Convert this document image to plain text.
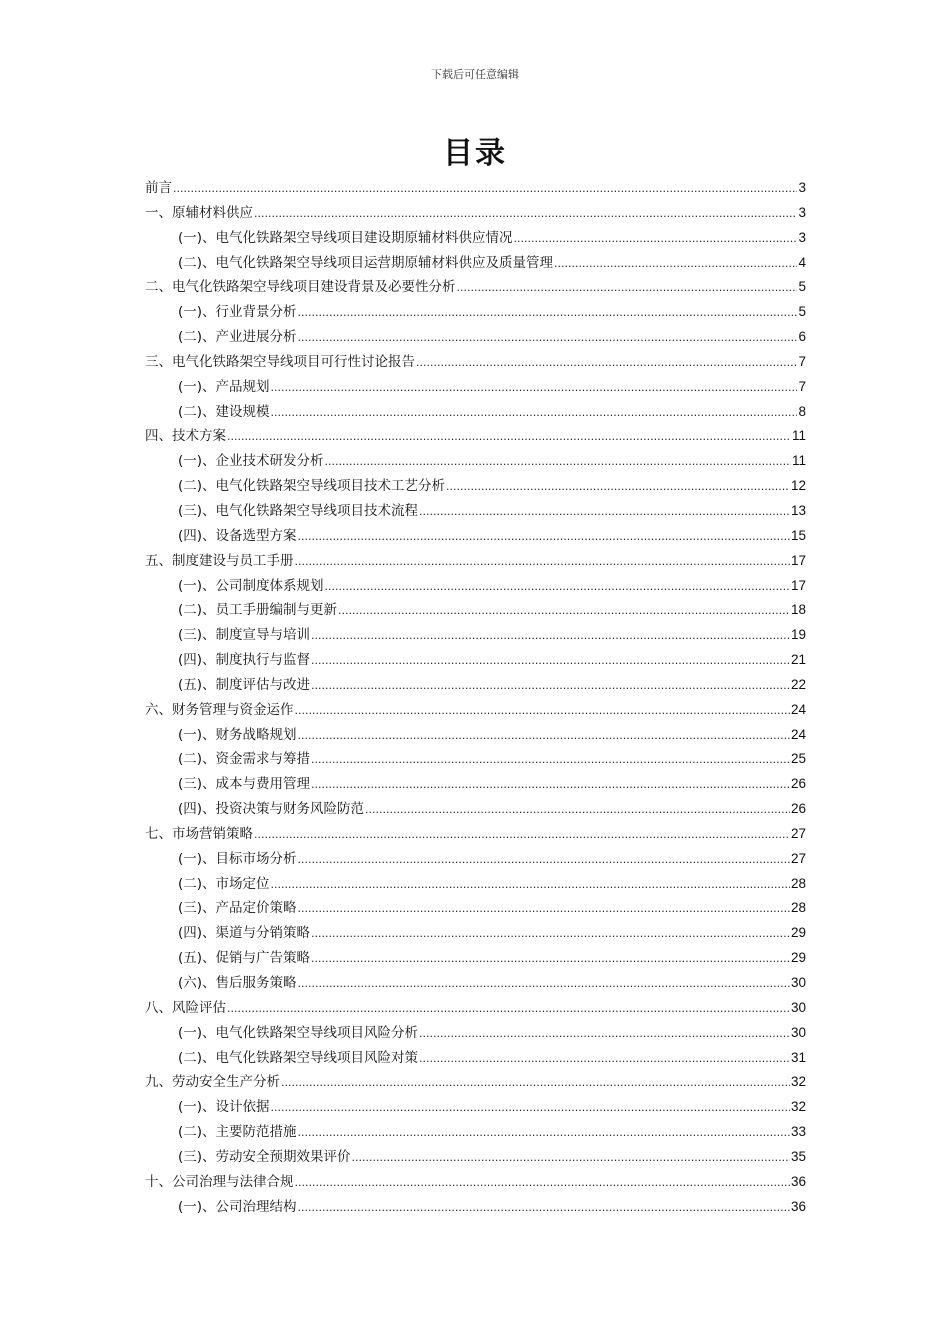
下载后可任意编辑
目录
前言 .....	3
一、原辅材料供应 .....	3
(一)、电气化铁路架空导线项目建设期原辅材料供应情况 .....	3
(二)、电气化铁路架空导线项目运营期原辅材料供应及质量管理 .....	4
二、电气化铁路架空导线项目建设背景及必要性分析 .....	5
(一)、行业背景分析 .....	5
(二)、产业进展分析 .....	6
三、电气化铁路架空导线项目可行性讨论报告 .....	7
(一)、产品规划 .....	7
(二)、建设规模 .....	8
四、技术方案 .....	11
(一)、企业技术研发分析 .....	11
(二)、电气化铁路架空导线项目技术工艺分析 .....	12
(三)、电气化铁路架空导线项目技术流程 .....	13
(四)、设备选型方案 .....	15
五、制度建设与员工手册 .....	17
(一)、公司制度体系规划 .....	17
(二)、员工手册编制与更新 .....	18
(三)、制度宣导与培训 .....	19
(四)、制度执行与监督 .....	21
(五)、制度评估与改进 .....	22
六、财务管理与资金运作 .....	24
(一)、财务战略规划 .....	24
(二)、资金需求与筹措 .....	25
(三)、成本与费用管理 .....	26
(四)、投资决策与财务风险防范 .....	26
七、市场营销策略 .....	27
(一)、目标市场分析 .....	27
(二)、市场定位 .....	28
(三)、产品定价策略 .....	28
(四)、渠道与分销策略 .....	29
(五)、促销与广告策略 .....	29
(六)、售后服务策略 .....	30
八、风险评估 .....	30
(一)、电气化铁路架空导线项目风险分析 .....	30
(二)、电气化铁路架空导线项目风险对策 .....	31
九、劳动安全生产分析 .....	32
(一)、设计依据 .....	32
(二)、主要防范措施 .....	33
(三)、劳动安全预期效果评价 .....	35
十、公司治理与法律合规 .....	36
(一)、公司治理结构 .....	36
